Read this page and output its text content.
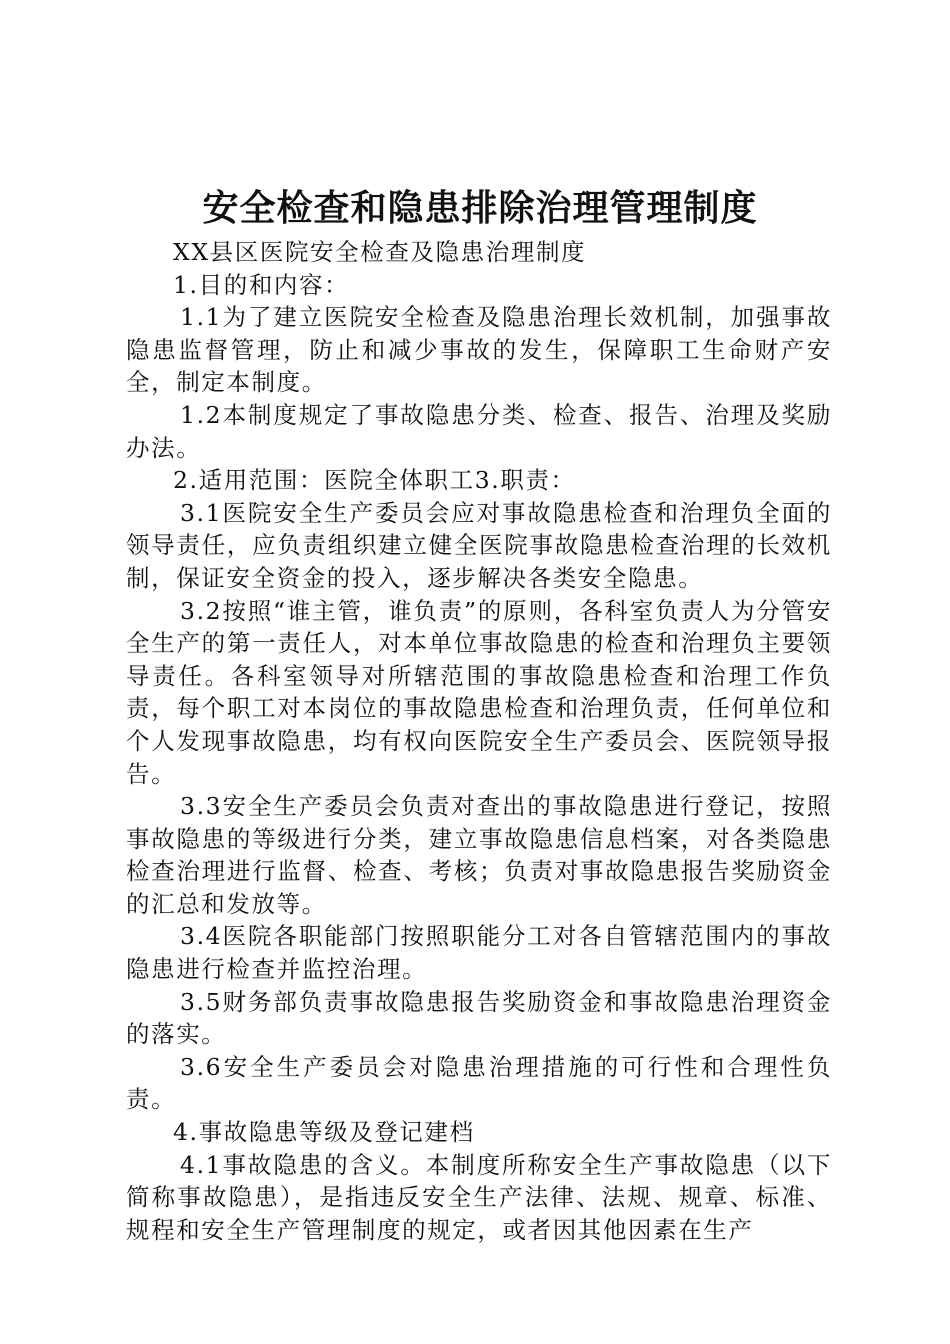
安全检查和隐患排除治理管理制度

XX县区医院安全检查及隐患治理制度

1.目的和内容：

1.1为了建立医院安全检查及隐患治理长效机制，加强事故隐患监督管理，防止和减少事故的发生，保障职工生命财产安全，制定本制度。

1.2本制度规定了事故隐患分类、检查、报告、治理及奖励办法。

2.适用范围：医院全体职工3.职责：

3.1医院安全生产委员会应对事故隐患检查和治理负全面的领导责任，应负责组织建立健全医院事故隐患检查治理的长效机制，保证安全资金的投入，逐步解决各类安全隐患。

3.2按照“谁主管，谁负责”的原则，各科室负责人为分管安全生产的第一责任人，对本单位事故隐患的检查和治理负主要领导责任。各科室领导对所辖范围的事故隐患检查和治理工作负责，每个职工对本岗位的事故隐患检查和治理负责，任何单位和个人发现事故隐患，均有权向医院安全生产委员会、医院领导报告。

3.3安全生产委员会负责对查出的事故隐患进行登记，按照事故隐患的等级进行分类，建立事故隐患信息档案，对各类隐患检查治理进行监督、检查、考核；负责对事故隐患报告奖励资金的汇总和发放等。

3.4医院各职能部门按照职能分工对各自管辖范围内的事故隐患进行检查并监控治理。

3.5财务部负责事故隐患报告奖励资金和事故隐患治理资金的落实。

3.6安全生产委员会对隐患治理措施的可行性和合理性负责。

4.事故隐患等级及登记建档

4.1事故隐患的含义。本制度所称安全生产事故隐患（以下简称事故隐患），是指违反安全生产法律、法规、规章、标准、规程和安全生产管理制度的规定，或者因其他因素在生产
